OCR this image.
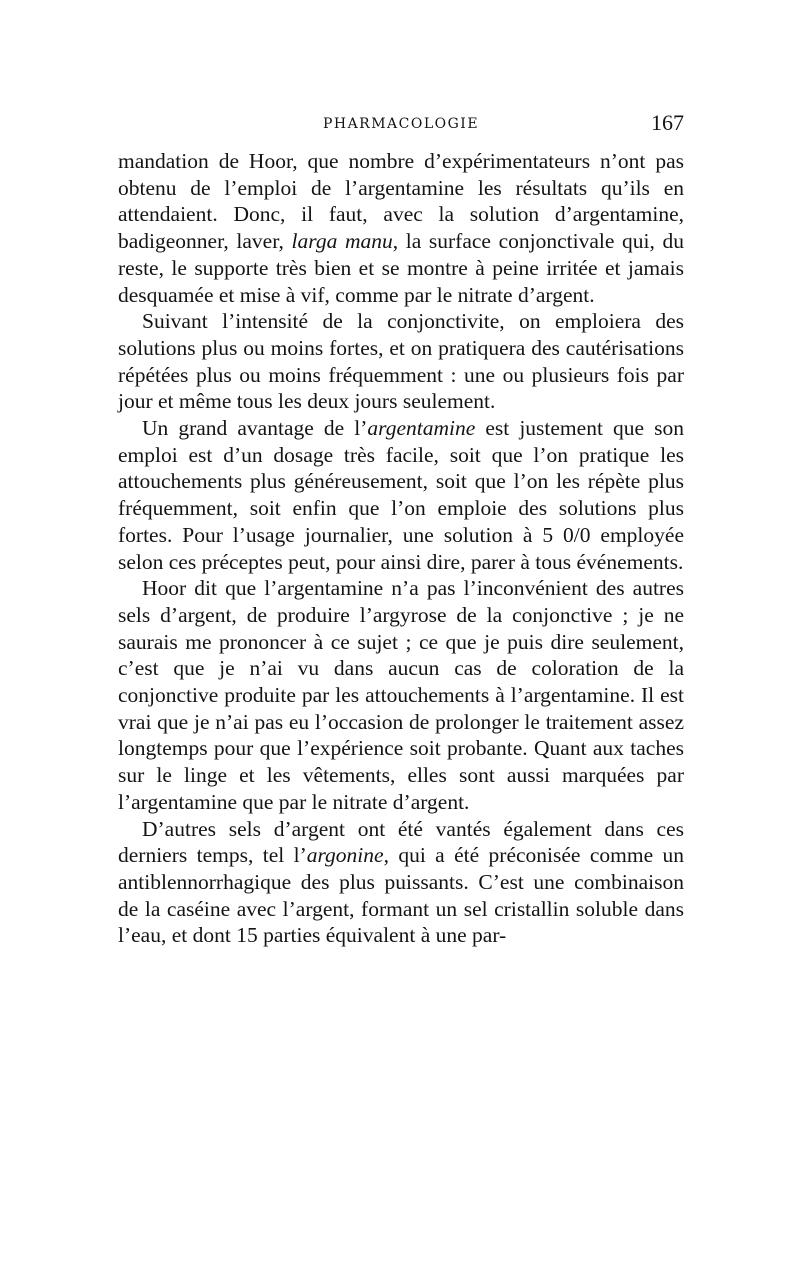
PHARMACOLOGIE	167

mandation de Hoor, que nombre d’expérimentateurs n’ont pas obtenu de l’emploi de l’argentamine les résultats qu’ils en attendaient. Donc, il faut, avec la solution d’argentamine, badigeonner, laver, larga manu, la surface conjonctivale qui, du reste, le supporte très bien et se montre à peine irritée et jamais desquamée et mise à vif, comme par le nitrate d’argent.

Suivant l’intensité de la conjonctivite, on emploiera des solutions plus ou moins fortes, et on pratiquera des cautérisations répétées plus ou moins fréquemment : une ou plusieurs fois par jour et même tous les deux jours seulement.

Un grand avantage de l’argentamine est justement que son emploi est d’un dosage très facile, soit que l’on pratique les attouchements plus généreusement, soit que l’on les répète plus fréquemment, soit enfin que l’on emploie des solutions plus fortes. Pour l’usage journalier, une solution à 5 0/0 employée selon ces préceptes peut, pour ainsi dire, parer à tous événements.

Hoor dit que l’argentamine n’a pas l’inconvénient des autres sels d’argent, de produire l’argyrose de la conjonctive ; je ne saurais me prononcer à ce sujet ; ce que je puis dire seulement, c’est que je n’ai vu dans aucun cas de coloration de la conjonctive produite par les attouchements à l’argentamine. Il est vrai que je n’ai pas eu l’occasion de prolonger le traitement assez longtemps pour que l’expérience soit probante. Quant aux taches sur le linge et les vêtements, elles sont aussi marquées par l’argentamine que par le nitrate d’argent.

D’autres sels d’argent ont été vantés également dans ces derniers temps, tel l’argonine, qui a été préconisée comme un antiblennorrhagique des plus puissants. C’est une combinaison de la caséine avec l’argent, formant un sel cristallin soluble dans l’eau, et dont 15 parties équivalent à une par-
